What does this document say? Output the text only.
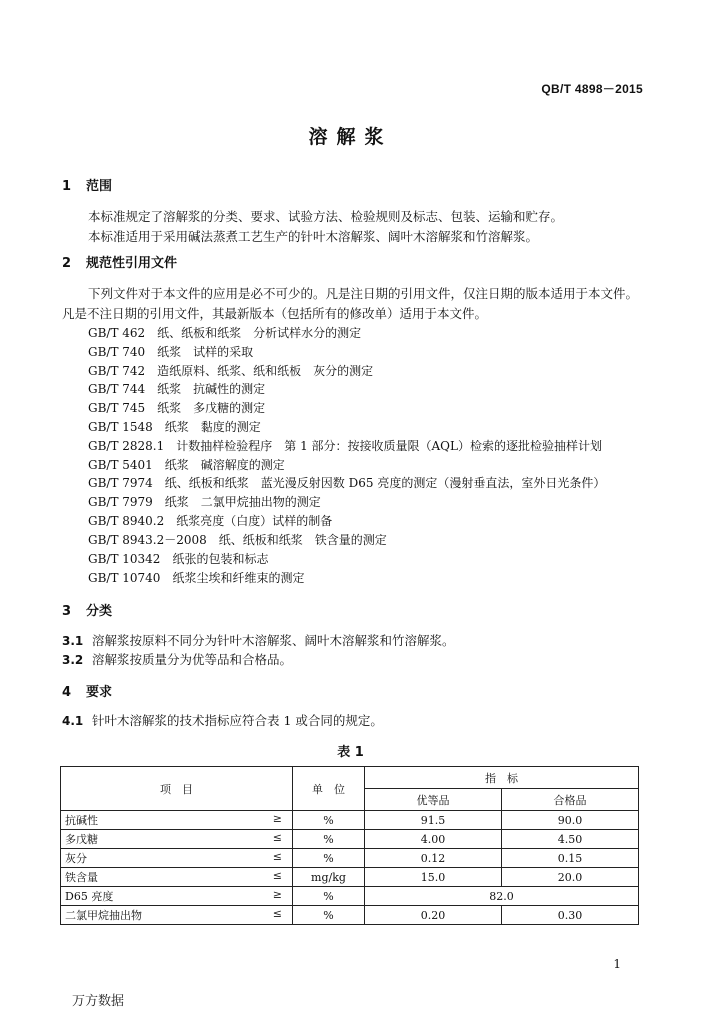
QB/T 4898－2015
溶解浆
1 范围
本标准规定了溶解浆的分类、要求、试验方法、检验规则及标志、包装、运输和贮存。
本标准适用于采用碱法蒸煮工艺生产的针叶木溶解浆、阔叶木溶解浆和竹溶解浆。
2 规范性引用文件
下列文件对于本文件的应用是必不可少的。凡是注日期的引用文件，仅注日期的版本适用于本文件。
凡是不注日期的引用文件，其最新版本（包括所有的修改单）适用于本文件。
GB/T 462　纸、纸板和纸浆　分析试样水分的测定
GB/T 740　纸浆　试样的采取
GB/T 742　造纸原料、纸浆、纸和纸板　灰分的测定
GB/T 744　纸浆　抗碱性的测定
GB/T 745　纸浆　多戊糖的测定
GB/T 1548　纸浆　黏度的测定
GB/T 2828.1　计数抽样检验程序　第 1 部分：按接收质量限（AQL）检索的逐批检验抽样计划
GB/T 5401　纸浆　碱溶解度的测定
GB/T 7974　纸、纸板和纸浆　蓝光漫反射因数 D65 亮度的测定（漫射垂直法，室外日光条件）
GB/T 7979　纸浆　二氯甲烷抽出物的测定
GB/T 8940.2　纸浆亮度（白度）试样的制备
GB/T 8943.2－2008　纸、纸板和纸浆　铁含量的测定
GB/T 10342　纸张的包装和标志
GB/T 10740　纸浆尘埃和纤维束的测定
3 分类
3.1 溶解浆按原料不同分为针叶木溶解浆、阔叶木溶解浆和竹溶解浆。
3.2 溶解浆按质量分为优等品和合格品。
4 要求
4.1 针叶木溶解浆的技术指标应符合表 1 或合同的规定。
表 1
项　目	单　位	指　标	
		优等品	合格品

抗碱性 ≥	%	91.5	90.0

多戊糖 ≤	%	4.00	4.50

灰分 ≤	%	0.12	0.15

铁含量 ≤	mg/kg	15.0	20.0

D65 亮度 ≥	%	82.0	

二氯甲烷抽出物 ≤	%	0.20	0.30
1
万方数据
